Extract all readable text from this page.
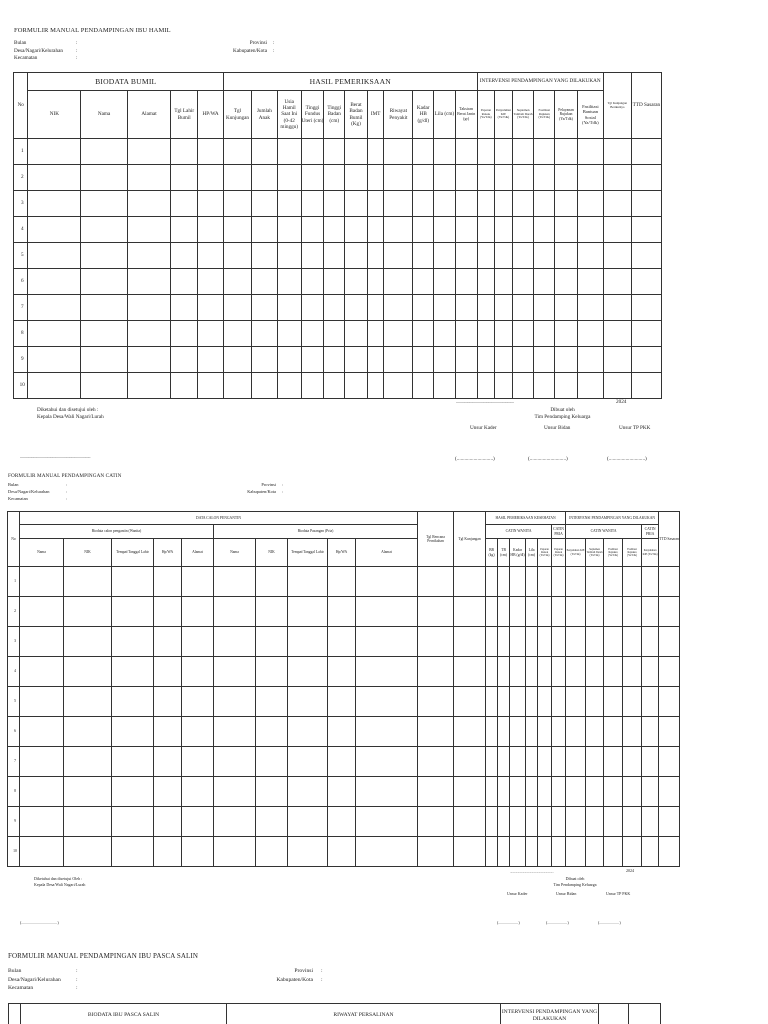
FORMULIR MANUAL PENDAMPINGAN IBU HAMIL
Bulan	:
Desa/Nagari/Kelurahan	:
Kecamatan	:
Provinsi	:
Kabupaten/Kota	:
No	BIODATA BUMIL					HASIL PEMERIKSAAN											INTERVENSI PENDAMPINGAN YANG DILAKUKAN						Tgl Kunjungan Berikutnya	TTD Sasaran
	NIK	Nama	Alamat	Tgl Lahir Bumil	HP/WA	Tgl Kunjungan	Jumlah Anak	Usia Hamil Saat Ini (0-42 minggu)	Tinggi Fundus Uteri (cm)	Tinggi Badan (cm)	Berat Badan Bumil (Kg)	IMT	Riwayat Penyakit	Kadar HB (g/dl)	Lila (cm)	Taksiran Berat Janin (gr)	Paparan Rokok (Ya/Tdk)	Penyuluhan KIE (Ya/Tdk)	Suplemen Tambah Darah (Ya/Tdk)	Fasilitasi Rujukan (Ya/Tdk)	Pelayanan Rujukan (Ya/Tdk)	Fasilitasi Bantuan Sosial (Ya/Tdk)		
1																								
2																								
3																								
4																								
5																								
6																								
7																								
8																								
9																								
10																								
Diketahui dan disetujui oleh :
Kepala Desa/Wali Nagari/Lurah
2024
.............................................................
Dibuat oleh
Tim Pendamping Keluarga
Unsur Kader	Unsur Bidan	Unsur TP PKK
..........................................................................	(............................)	(............................)	(............................)
FORMULIR MANUAL PENDAMPINGAN CATIN
Bulan	:
Desa/Nagari/Kelurahan	:
Kecamatan	:
Provinsi	:
Kabupaten/Kota	:
No	DATA CALON PENGANTIN										Tgl Rencana Pernikahan	Tgl Kunjungan	HASIL PEMERIKSAAN KESEHATAN						INTERVENSI PENDAMPINGAN YANG DILAKUKAN					TTD Sasaran
	Biodata calon pengantin (Wanita)					Biodata Pasangan (Pria)							CATIN WANITA					CATIN PRIA	CATIN WANITA				CATIN PRIA	
	Nama	NIK	Tempat/Tanggal Lahir	Hp/WA	Alamat	Nama	NIK	Tempat/Tanggal Lahir	Hp/WA	Alamat			BB (kg)	TB (cm)	Kadar HB (g/dl)	Lila (cm)	Paparan Rokok (Ya/Tdk)	Paparan Rokok (Ya/Tdk)	Penyuluhan KIE (Ya/Tdk)	Suplemen Tambah Darah (Ya/Tdk)	Fasilitasi Rujukan (Ya/Tdk)	Fasilitasi Rujukan (Ya/Tdk)	Penyuluhan KIE (Ya/Tdk)	
1																								
2																								
3																								
4																								
5																								
6																								
7																								
8																								
9																								
10																								
Diketahui dan disetujui Oleh :
Kepala Desa/Wali Nagari/Lurah
2024
..............................................................
Dibuat oleh
Tim Pendamping Keluarga
Unsur Kader	Unsur Bidan	Unsur TP PKK
(....................................)	(....................)	(....................)	(....................)
FORMULIR MANUAL PENDAMPINGAN IBU PASCA SALIN
Bulan	:
Desa/Nagari/Kelurahan	:
Kecamatan	:
Provinsi	:
Kabupaten/Kota	:
	BIODATA IBU PASCA SALIN	RIWAYAT PERSALINAN	INTERVENSI PENDAMPINGAN YANG DILAKUKAN		
